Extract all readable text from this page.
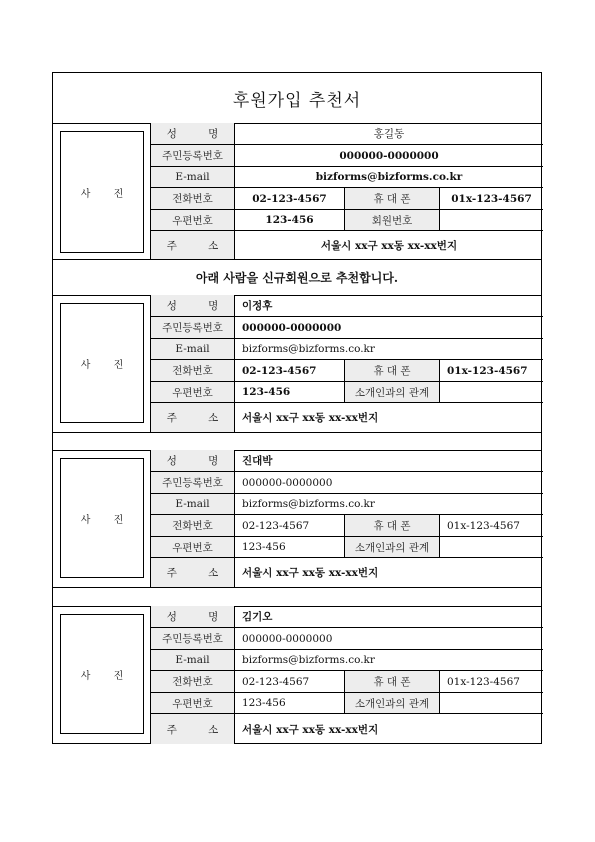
후원가입 추천서
사 진
성 명	홍길동
주민등록번호	000000-0000000
E-mail	bizforms@bizforms.co.kr
전화번호	02-123-4567	휴 대 폰	01x-123-4567
우편번호	123-456	회원번호
주 소	서울시 xx구 xx동 xx-xx번지
아래 사람을 신규회원으로 추천합니다.
사 진
성 명 이정후
주민등록번호	000000-0000000
E-mail	bizforms@bizforms.co.kr
전화번호	02-123-4567	휴 대 폰	01x-123-4567
우편번호	123-456	소개인과의 관계
주 소 서울시 xx구 xx동 xx-xx번지
사 진
성 명 진대박
주민등록번호	000000-0000000
E-mail	bizforms@bizforms.co.kr
전화번호	02-123-4567	휴 대 폰	01x-123-4567
우편번호	123-456	소개인과의 관계
주 소 서울시 xx구 xx동 xx-xx번지
사 진
성 명 김기오
주민등록번호	000000-0000000
E-mail	bizforms@bizforms.co.kr
전화번호	02-123-4567	휴 대 폰	01x-123-4567
우편번호	123-456	소개인과의 관계
주 소 서울시 xx구 xx동 xx-xx번지
